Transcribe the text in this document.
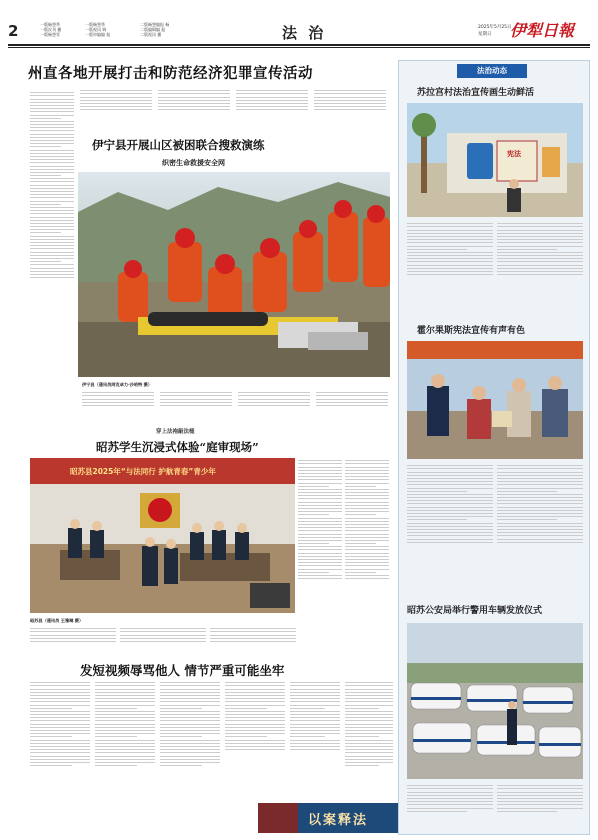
2	一版畅想季
一版次刊 播
一版畅想零
一版畅想季
一版视讯 调
一版审编编 报
二版畅想编报 畅
二版编辑编 报
二版视讯 播	法 治	2025年5月25日
星期日 伊犁日報
州直各地开展打击和防范经济犯罪宣传活动
伊宁县开展山区被困联合搜救演练
织密生命救援安全网
伊宁县（通讯员阿克卓力·沙哈特 摄）
穿上法袍敲法槌
昭苏学生沉浸式体验“庭审现场”
昭苏县2025年“与法同行 护航青春”青少年
昭苏县（通讯员 王雅琳 摄）
发短视频辱骂他人 情节严重可能坐牢
以案释法
法治动态
苏拉宫村法治宣传画生动鲜活
宪法
霍尔果斯宪法宣传有声有色
昭苏公安局举行警用车辆发放仪式
